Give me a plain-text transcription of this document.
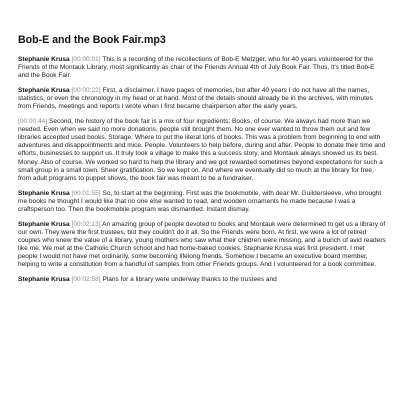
Bob-E and the Book Fair.mp3

Stephanie Krusa [00:00:01] This is a recording of the recollections of Bob-E Metzger, who for 40 years volunteered for the Friends of the Montauk Library, most significantly as chair of the Friends Annual 4th of July Book Fair. Thus, it's titled Bob-E and the Book Fair.

Stephanie Krusa [00:00:22] First, a disclaimer. I have pages of memories, but after 40 years I do not have all the names, statistics, or even the chronology in my head or at hand. Most of the details should already be in the archives, with minutes from Friends, meetings and reports I wrote when I first became chairperson after the early years.

[00:00:44] Second, the history of the book fair is a mix of four ingredients: Books, of course. We always had more than we needed. Even when we said no more donations, people still brought them. No one ever wanted to throw them out and few libraries accepted used books. Storage. Where to put the literal tons of books. This was a problem from beginning to end with adventures and disappointments and mice. People. Volunteers to help before, during and after. People to donate their time and efforts, businesses to support us. It truly took a village to make this a success story, and Montauk always showed us its best. Money. Also of course. We worked so hard to help the library and we got rewarded sometimes beyond expectations for such a small group in a small town. Sheer gratification. So we kept on. And where we eventually did so much at the library for free, from adult programs to puppet shows, the book fair was meant to be a fundraiser.

Stephanie Krusa [00:01:55] So, to start at the beginning. First was the bookmobile, with dear Mr. Guildersleeve, who brought me books he thought I would like that no one else wanted to read, and wooden ornaments he made because I was a craftsperson too. Then the bookmobile program was dismantled. Instant dismay.

Stephanie Krusa [00:02:13] An amazing group of people devoted to books and Montauk were determined to get us a library of our own. They were the first trustees, but they couldn't do it all. So the Friends were born. At first, we were a lot of retired couples who knew the value of a library, young mothers who saw what their children were missing, and a bunch of avid readers like me. We met at the Catholic Church school and had home-baked cookies. Stephanie Krusa was first president. I met people I would not have met ordinarily, some becoming lifelong friends. Somehow I became an executive board member, helping to write a constitution from a handful of samples from other Friends groups. And I volunteered for a book committee.

Stephanie Krusa [00:02:58] Plans for a library were underway thanks to the trustees and
